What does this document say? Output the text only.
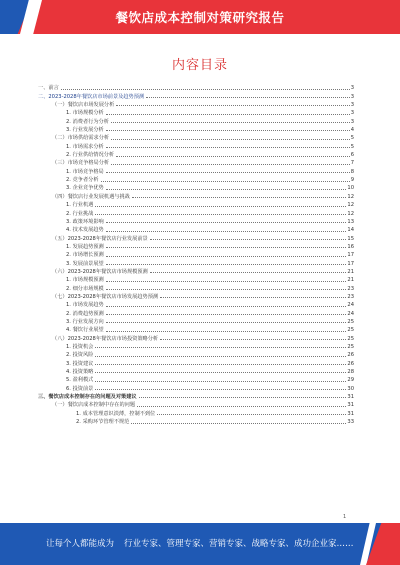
餐饮店成本控制对策研究报告
内容目录
一、前言	3
二、2023-2028年餐饮店市场前景及趋势预测	3
（一）餐饮店市场发展分析	3
1. 市场规模分析	3
2. 消费者行为分析	3
3. 行业发展分析	4
（二）市场供给需求分析	5
1. 市场需求分析	5
2. 行业供给情况分析	6
（三）市场竞争格局分析	7
1. 市场竞争格局	8
2. 竞争者分析	9
3. 企业竞争优势	10
（四）餐饮店行业发展机遇与挑战	12
1. 行业机遇	12
2. 行业挑战	12
3. 政策环境影响	13
4. 技术发展趋势	14
（五）2023-2028年餐饮店行业发展前景	15
1. 发展趋势预测	16
2. 市场增长预测	17
3. 发展前景展望	17
（六）2023-2028年餐饮店市场规模预测	21
1. 市场规模预测	21
2. 细分市场规模	23
（七）2023-2028年餐饮店市场发展趋势预测	23
1. 市场发展趋势	24
2. 消费趋势预测	24
3. 行业发展方向	25
4. 餐饮行业展望	25
（八）2023-2028年餐饮店市场投资策略分析	25
1. 投资机会	25
2. 投资风险	26
3. 投资建议	26
4. 投资策略	28
5. 盈利模式	29
6. 投资前景	30
三、餐饮店成本控制存在的问题及对策建议	31
（一）餐饮店成本控制中存在的问题	31
1. 成本管理意识淡薄，控制不到位	31
2. 采购环节管理不规范	33
1
让每个人都能成为 行业专家、管理专家、营销专家、战略专家、成功企业家……
